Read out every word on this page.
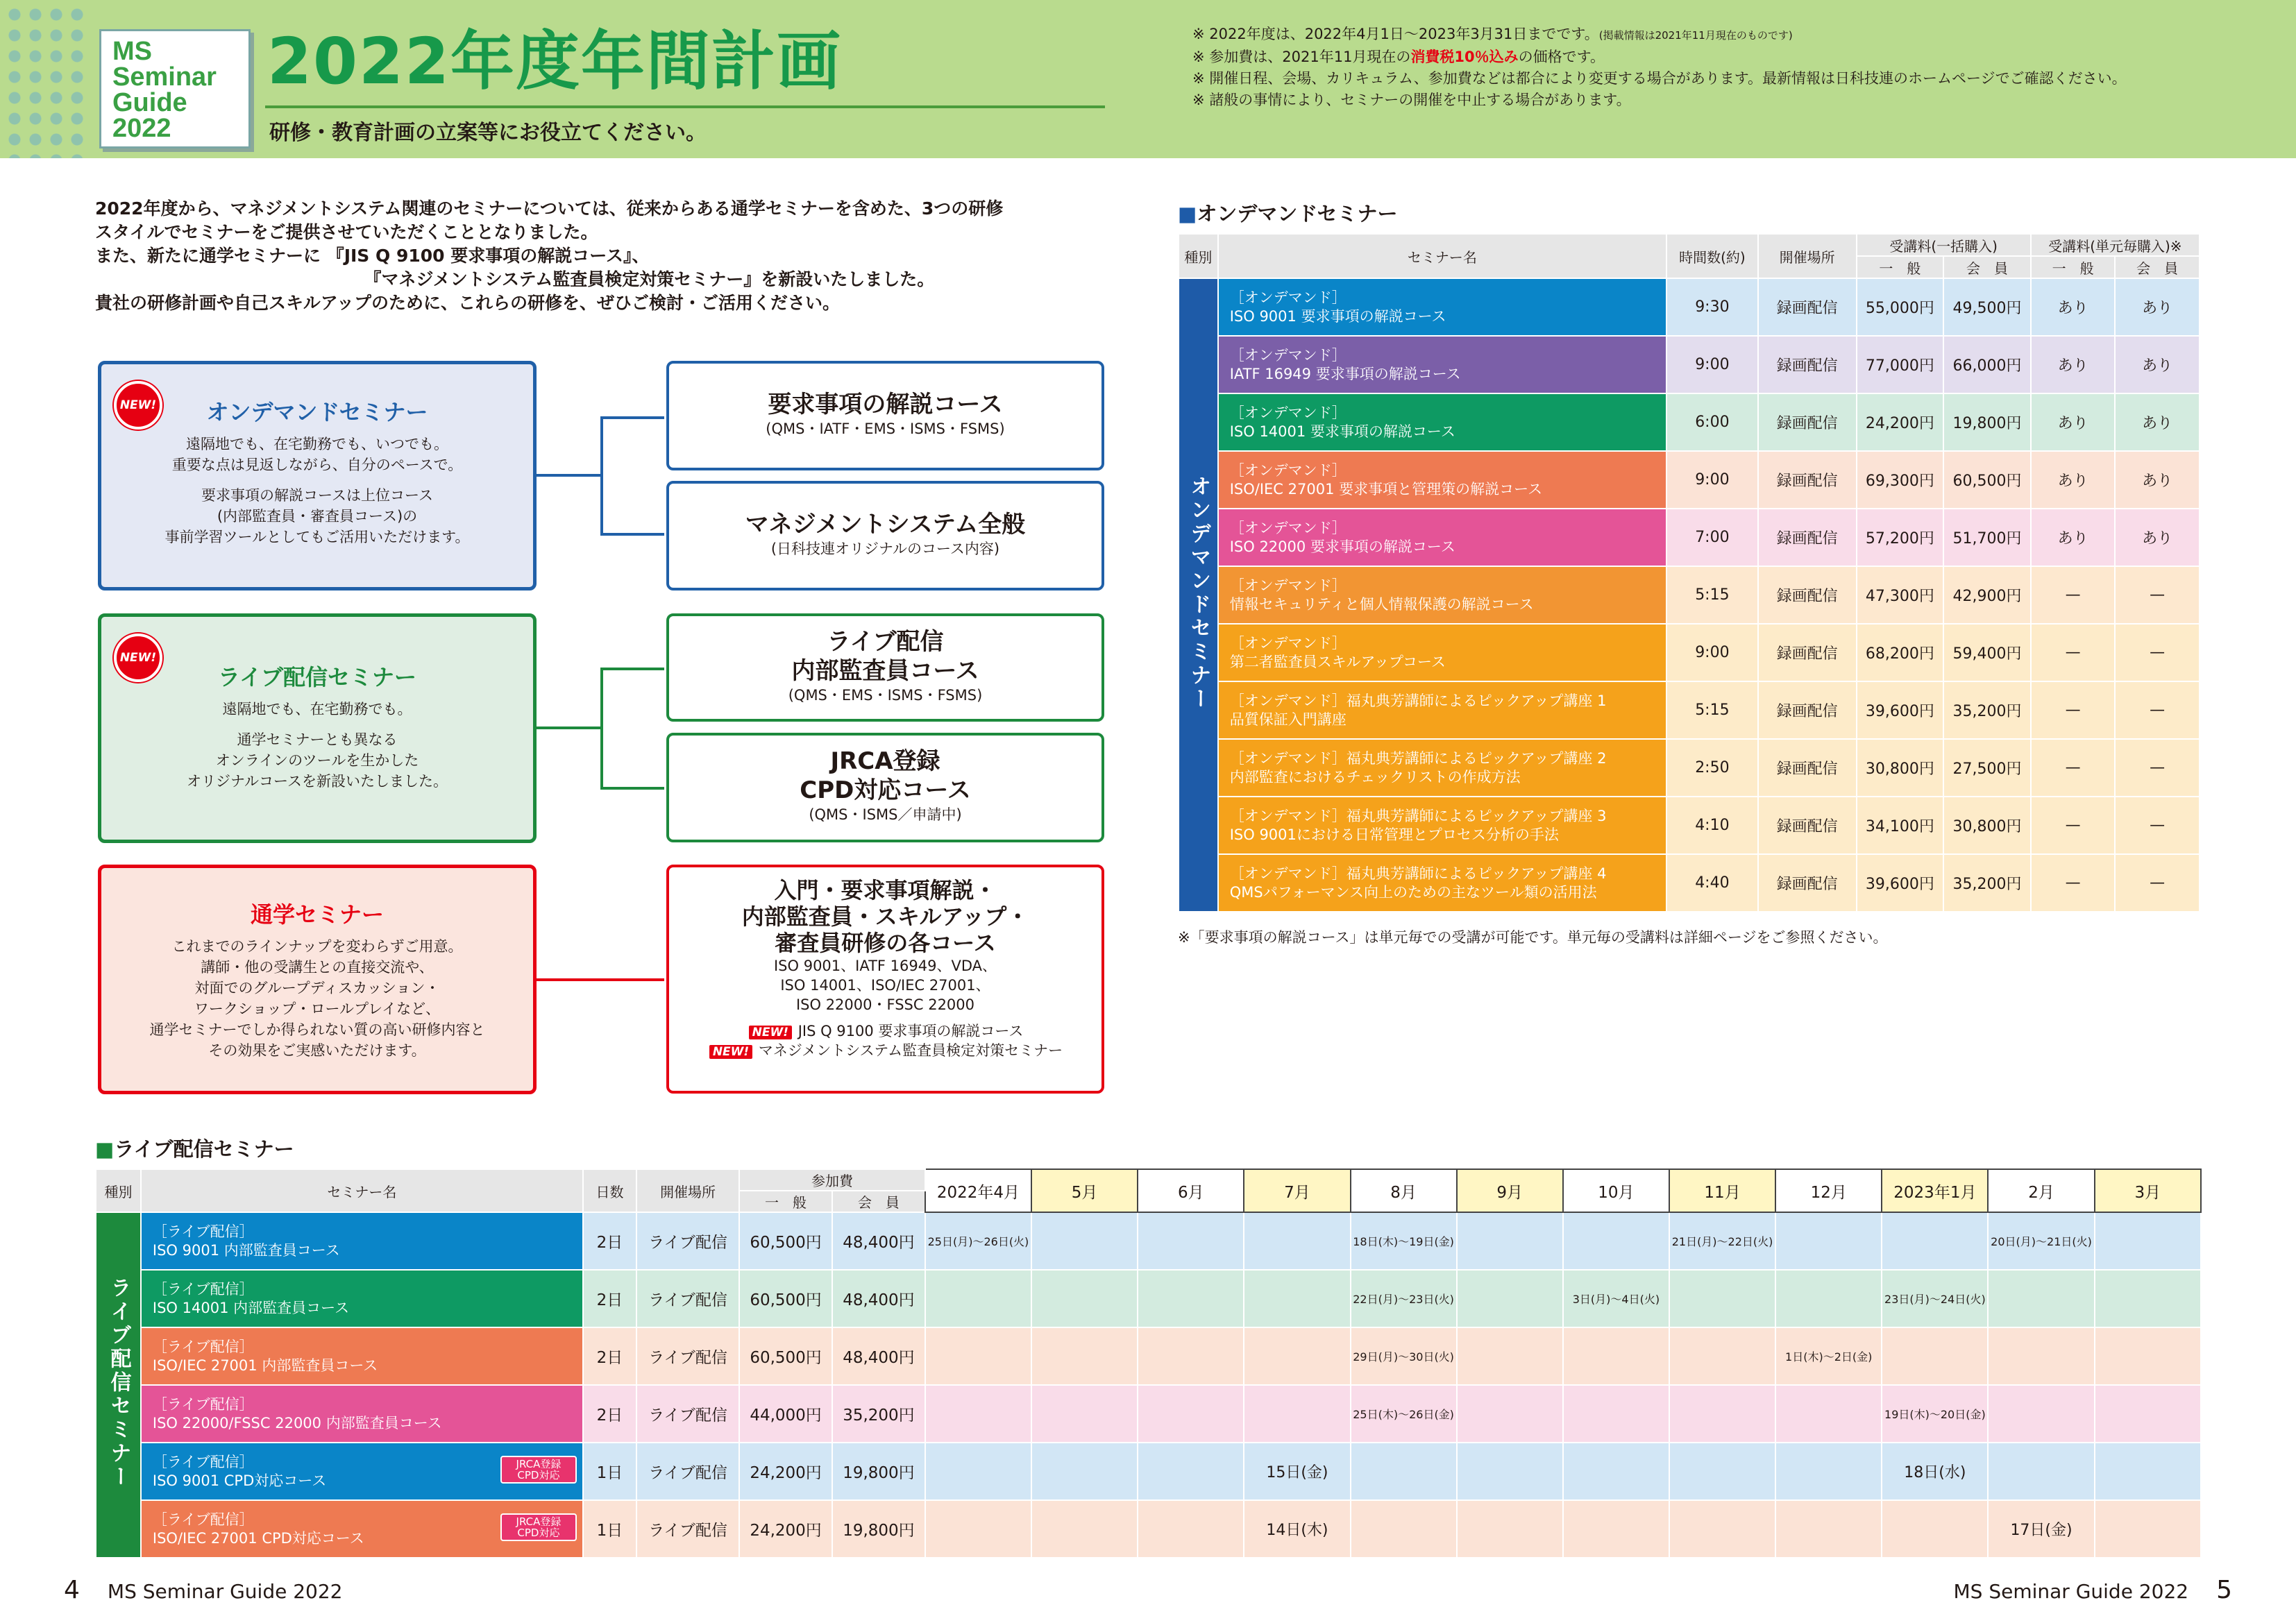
MS
Seminar
Guide
2022
2022年度年間計画
研修・教育計画の立案等にお役立てください。
※ 2022年度は、2022年4月1日～2023年3月31日までです。(掲載情報は2021年11月現在のものです)
※ 参加費は、2021年11月現在の消費税10％込みの価格です。
※ 開催日程、会場、カリキュラム、参加費などは都合により変更する場合があります。最新情報は日科技連のホームページでご確認ください。
※ 諸般の事情により、セミナーの開催を中止する場合があります。
2022年度から、マネジメントシステム関連のセミナーについては、従来からある通学セミナーを含めた、3つの研修
スタイルでセミナーをご提供させていただくこととなりました。
また、新たに通学セミナーに 『JIS Q 9100 要求事項の解説コース』、
　　　　　　　　　　　　　　　　『マネジメントシステム監査員検定対策セミナー』を新設いたしました。
貴社の研修計画や自己スキルアップのために、これらの研修を、ぜひご検討・ご活用ください。
NEW!	オンデマンドセミナー
遠隔地でも、在宅勤務でも、いつでも。
重要な点は見返しながら、自分のペースで。
要求事項の解説コースは上位コース
(内部監査員・審査員コース)の
事前学習ツールとしてもご活用いただけます。
NEW!
ライブ配信セミナー
遠隔地でも、在宅勤務でも。
通学セミナーとも異なる
オンラインのツールを生かした
オリジナルコースを新設いたしました。
通学セミナー
これまでのラインナップを変わらずご用意。
講師・他の受講生との直接交流や、
対面でのグループディスカッション・
ワークショップ・ロールプレイなど、
通学セミナーでしか得られない質の高い研修内容と
その効果をご実感いただけます。
要求事項の解説コース
(QMS・IATF・EMS・ISMS・FSMS)
マネジメントシステム全般
(日科技連オリジナルのコース内容)
ライブ配信
内部監査員コース
(QMS・EMS・ISMS・FSMS)
JRCA登録
CPD対応コース
(QMS・ISMS／申請中)
入門・要求事項解説・
内部監査員・スキルアップ・
審査員研修の各コース
ISO 9001、IATF 16949、VDA、
ISO 14001、ISO/IEC 27001、
ISO 22000・FSSC 22000
NEW! JIS Q 9100 要求事項の解説コース
NEW! マネジメントシステム監査員検定対策セミナー
■オンデマンドセミナー
種別	セミナー名	時間数(約)	開催場所	受講料(一括購入)		受講料(単元毎購入)※	
				一　般	会　員	一　般	会　員
オンデマンドセミナー	［オンデマンド］
ISO 9001 要求事項の解説コース	9:30	録画配信	55,000円	49,500円	あり	あり

	［オンデマンド］
IATF 16949 要求事項の解説コース	9:00	録画配信	77,000円	66,000円	あり	あり

	［オンデマンド］
ISO 14001 要求事項の解説コース	6:00	録画配信	24,200円	19,800円	あり	あり

	［オンデマンド］
ISO/IEC 27001 要求事項と管理策の解説コース	9:00	録画配信	69,300円	60,500円	あり	あり

	［オンデマンド］
ISO 22000 要求事項の解説コース	7:00	録画配信	57,200円	51,700円	あり	あり

	［オンデマンド］
情報セキュリティと個人情報保護の解説コース	5:15	録画配信	47,300円	42,900円	—	—

	［オンデマンド］
第二者監査員スキルアップコース	9:00	録画配信	68,200円	59,400円	—	—

	［オンデマンド］福丸典芳講師によるピックアップ講座 1
品質保証入門講座	5:15	録画配信	39,600円	35,200円	—	—

	［オンデマンド］福丸典芳講師によるピックアップ講座 2
内部監査におけるチェックリストの作成方法	2:50	録画配信	30,800円	27,500円	—	—

	［オンデマンド］福丸典芳講師によるピックアップ講座 3
ISO 9001における日常管理とプロセス分析の手法	4:10	録画配信	34,100円	30,800円	—	—

	［オンデマンド］福丸典芳講師によるピックアップ講座 4
QMSパフォーマンス向上のための主なツール類の活用法	4:40	録画配信	39,600円	35,200円	—	—
※「要求事項の解説コース」は単元毎での受講が可能です。単元毎の受講料は詳細ページをご参照ください。
■ライブ配信セミナー
種別	セミナー名	日数	開催場所	参加費		2022年4月	5月	6月	7月	8月	9月	10月	11月	12月	2023年1月	2月	3月
				一　般	会　員												
ライブ配信セミナー	［ライブ配信］
ISO 9001 内部監査員コース	2日	ライブ配信	60,500円	48,400円	25日(月)～26日(火)				18日(木)～19日(金)			21日(月)～22日(火)			20日(月)～21日(火)	

	［ライブ配信］
ISO 14001 内部監査員コース	2日	ライブ配信	60,500円	48,400円					22日(月)～23日(火)		3日(月)～4日(火)			23日(月)～24日(火)		

	［ライブ配信］
ISO/IEC 27001 内部監査員コース	2日	ライブ配信	60,500円	48,400円					29日(月)～30日(火)				1日(木)～2日(金)			

	［ライブ配信］
ISO 22000/FSSC 22000 内部監査員コース	2日	ライブ配信	44,000円	35,200円					25日(木)～26日(金)					19日(木)～20日(金)		

	［ライブ配信］
ISO 9001 CPD対応コース
JRCA登録 CPD対応	1日	ライブ配信	24,200円	19,800円				15日(金)						18日(水)		

	［ライブ配信］
ISO/IEC 27001 CPD対応コース
JRCA登録 CPD対応	1日	ライブ配信	24,200円	19,800円				14日(木)							17日(金)	
4 MS Seminar Guide 2022	MS Seminar Guide 2022 5
